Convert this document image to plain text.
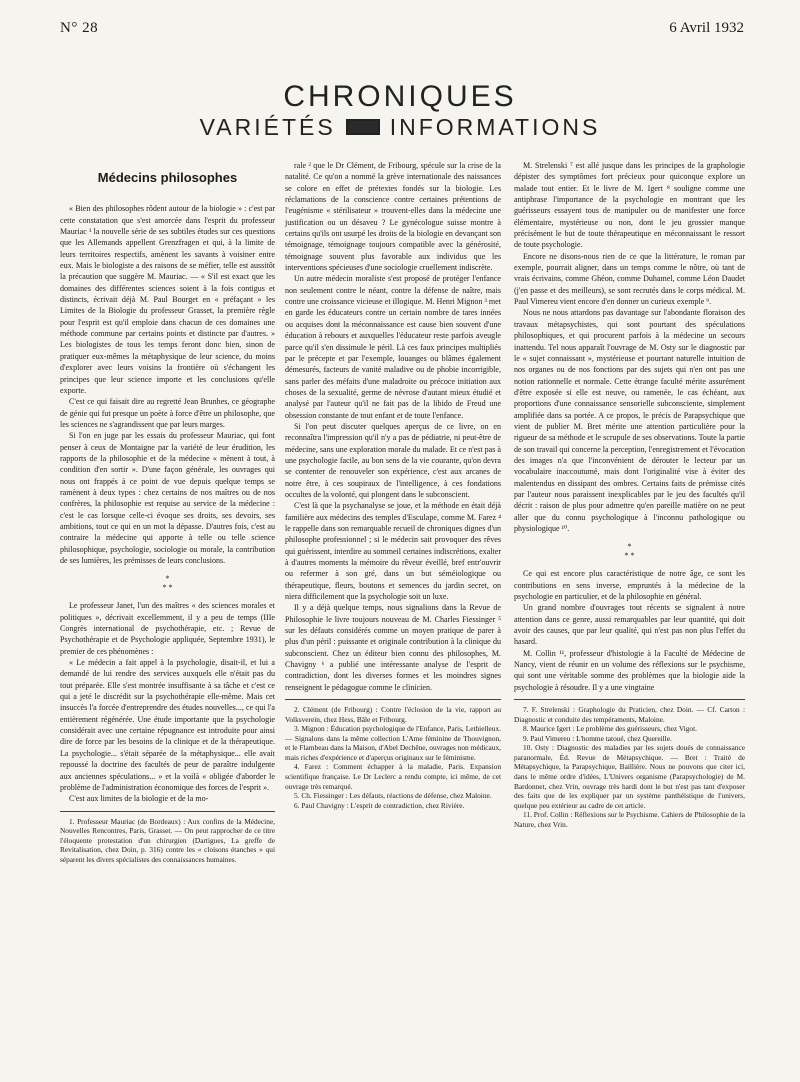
N° 28	6 Avril 1932
CHRONIQUES
VARIÉTÉS INFORMATIONS
Médecins philosophes

« Bien des philosophes rôdent autour de la biologie » : c'est par cette constatation que s'est amorcée dans l'esprit du professeur Mauriac ¹ la nouvelle série de ses subtiles études sur ces questions que les Allemands appellent Grenzfragen et qui, à la limite de leurs territoires respectifs, amènent les savants à voisiner entre eux. Mais le biologiste a des raisons de se méfier, telle est aussitôt la précaution que suggère M. Mauriac. — « S'il est exact que les domaines des différentes sciences soient à la fois contigus et distincts, écrivait déjà M. Paul Bourget en « préfaçant » les Limites de la Biologie du professeur Grasset, la première règle pour l'esprit est qu'il emploie dans chacun de ces domaines une méthode commune par certains points et distincte par d'autres. » Les biologistes de tous les temps feront donc bien, sinon de pratiquer eux-mêmes la métaphysique de leur science, du moins d'explorer avec leurs voisins la frontière où s'échangent les principes que leur science importe et les conclusions qu'elle exporte.

C'est ce qui faisait dire au regretté Jean Brunhes, ce géographe de génie qui fut presque un poète à force d'être un philosophe, que les sciences ne s'agrandissent que par leurs marges.

Si l'on en juge par les essais du professeur Mauriac, qui font penser à ceux de Montaigne par la variété de leur érudition, les rapports de la philosophie et de la médecine « mènent à tout, à condition d'en sortir ». D'une façon générale, les ouvrages qui nous ont frappés à ce point de vue depuis quelque temps se ramènent à deux types : chez certains de nos maîtres ou de nos confrères, la philosophie est requise au service de la médecine : c'est le cas lorsque celle-ci évoque ses droits, ses devoirs, ses ambitions, tout ce qui en un mot la dépasse. D'autres fois, c'est au contraire la médecine qui apporte à telle ou telle science philosophique, psychologie, sociologie ou morale, la contribution de ses lumières, les prémisses de leurs conclusions.

*
* *

Le professeur Janet, l'un des maîtres « des sciences morales et politiques », décrivait excellemment, il y a peu de temps (IIIe Congrès international de psychothérapie, etc. ; Revue de Psychothérapie et de Psychologie appliquée, Septembre 1931), le premier de ces phénomènes :

« Le médecin a fait appel à la psychologie, disait-il, et lui a demandé de lui rendre des services auxquels elle n'était pas du tout préparée. Elle s'est montrée insuffisante à sa tâche et c'est ce qui a jeté le discrédit sur la psychothérapie elle-même. Mais cet insuccès l'a forcée d'entreprendre des études nouvelles..., ce qui l'a entièrement régénérée. Une étude importante que la psychologie considérait avec une certaine répugnance est introduite pour ainsi dire de force par les besoins de la clinique et de la thérapeutique. La psychologie... s'était séparée de la métaphysique... elle avait repoussé la doctrine des facultés de peur de paraître indulgente aux anciennes spéculations... » et la voilà « obligée d'aborder le problème de l'administration économique des forces de l'esprit ».

C'est aux limites de la biologie et de la mo-

1. Professeur Mauriac (de Bordeaux) : Aux confins de la Médecine, Nouvelles Rencontres, Paris, Grasset. — On peut rapprocher de ce titre l'éloquente protestation d'un chirurgien (Dartigues, La greffe de Revitalisation, chez Doin, p. 316) contre les « cloisons étanches » qui séparent les divers spécialistes des connaissances humaines.

rale ² que le Dr Clément, de Fribourg, spécule sur la crise de la natalité. Ce qu'on a nommé la grève internationale des naissances se colore en effet de prétextes fondés sur la biologie. Les réclamations de la conscience contre certaines prétentions de l'eugénisme « stérilisateur » trouvent-elles dans la médecine une justification ou un désaveu ? Le gynécologue suisse montre à certains qu'ils ont usurpé les droits de la biologie en devançant son témoignage, témoignage toujours compatible avec la générosité, témoignage souvent plus favorable aux individus que les interventions spécieuses d'une sociologie cruellement indiscrète.

Un autre médecin moraliste s'est proposé de protéger l'enfance non seulement contre le néant, contre la défense de naître, mais contre une croissance vicieuse et illogique. M. Henri Mignon ³ met en garde les éducateurs contre un certain nombre de tares innées ou acquises dont la méconnaissance est cause bien souvent d'une éducation à rebours et auxquelles l'éducateur reste parfois aveugle parce qu'il s'en dissimule le péril. Là ces faux principes multipliés par le précepte et par l'exemple, louanges ou blâmes également démesurés, facteurs de vanité maladive ou de phobie incorrigible, sans parler des méfaits d'une maladroite ou précoce initiation aux choses de la sexualité, germe de névrose d'autant mieux étudié et analysé par l'auteur qu'il ne fait pas de la libido de Freud une obsession constante de tout enfant et de toute l'enfance.

Si l'on peut discuter quelques aperçus de ce livre, on en reconnaîtra l'impression qu'il n'y a pas de pédiatrie, ni peut-être de médecine, sans une exploration morale du malade. Et ce n'est pas à une psychologie facile, au bon sens de la vie courante, qu'on devra se contenter de renouveler son expérience, c'est aux arcanes de notre être, à ces soupiraux de l'intelligence, à ces fondations occultes de la volonté, qui plongent dans le subconscient.

C'est là que la psychanalyse se joue, et la méthode en était déjà familière aux médecins des temples d'Esculape, comme M. Farez ⁴ le rappelle dans son remarquable recueil de chroniques dignes d'un philosophe professionnel ; si le médecin sait provoquer des rêves qui guérissent, interdire au sommeil certaines indiscrétions, exalter à d'autres moments la mémoire du rêveur éveillé, bref entr'ouvrir ou refermer à son gré, dans un but séméiologique ou thérapeutique, fleurs, boutons et semences du jardin secret, on niera difficilement que la psychologie soit un luxe.

Il y a déjà quelque temps, nous signalions dans la Revue de Philosophie le livre toujours nouveau de M. Charles Fiessinger ⁵ sur les défauts considérés comme un moyen pratique de parer à plus d'un péril : puissante et originale contribution à la clinique du subconscient. Chez un éditeur bien connu des philosophes, M. Chavigny ⁶ a publié une intéressante analyse de l'esprit de contradiction, dont les diverses formes et les moindres signes renseignent le pédagogue comme le clinicien.

2. Clément (de Fribourg) : Contre l'éclosion de la vie, rapport au Volksverein, chez Hess, Bâle et Fribourg.

3. Mignon : Éducation psychologique de l'Enfance, Paris, Lethielleux. — Signalons dans la même collection L'Ame féminine de Thouvignon, et le Flambeau dans la Maison, d'Abel Dechêne, ouvrages non médicaux, mais riches d'expérience et d'aperçus originaux sur le féminisme.

4. Farez : Comment échapper à la maladie, Paris. Expansion scientifique française. Le Dr Leclerc a rendu compte, ici même, de cet ouvrage très remarqué.

5. Ch. Fiessinger : Les défauts, réactions de défense, chez Maloine.

6. Paul Chavigny : L'esprit de contradiction, chez Rivière.

M. Strelenski ⁷ est allé jusque dans les principes de la graphologie dépister des symptômes fort précieux pour quiconque explore un malade tout entier. Et le livre de M. Igert ⁸ souligne comme une antiphrase l'importance de la psychologie en montrant que les guérisseurs essayent tous de manipuler ou de manifester une force élémentaire, mystérieuse ou non, dont le jeu grossier manque précisément le but de toute thérapeutique en méconnaissant le ressort de toute psychologie.

Encore ne disons-nous rien de ce que la littérature, le roman par exemple, pourrait aligner, dans un temps comme le nôtre, où tant de vrais écrivains, comme Ghéon, comme Duhamel, comme Léon Daudet (j'en passe et des meilleurs), se sont recrutés dans le corps médical. M. Paul Vimereu vient encore d'en donner un curieux exemple ⁹.

Nous ne nous attardons pas davantage sur l'abondante floraison des travaux métapsychistes, qui sont pourtant des spéculations philosophiques, et qui procurent parfois à la médecine un secours inattendu. Tel nous apparaît l'ouvrage de M. Osty sur le diagnostic par le « sujet connaissant », mystérieuse et pourtant naturelle intuition de nos organes ou de nos fonctions par des sujets qui n'en ont pas une notion rationnelle et normale. Cette étrange faculté mérite assurément d'être exposée si elle est neuve, ou ramenée, le cas échéant, aux proportions d'une connaissance sensorielle subconsciente, simplement amplifiée dans sa portée. A ce propos, le précis de Parapsychique que vient de publier M. Bret mérite une attention particulière pour la rigueur de sa méthode et le scrupule de ses observations. Toute la partie de son travail qui concerne la perception, l'enregistrement et l'évocation des images n'a que l'inconvénient de dérouter le lecteur par un vocabulaire inaccoutumé, mais dont l'originalité vise à éviter des malentendus en dissipant des ombres. Certains faits de prémisse cités par l'auteur nous paraissent inexplicables par le jeu des facultés qu'il décrit : raison de plus pour admettre qu'en pareille matière on ne peut aller que du connu psychologique à l'inconnu pathologique ou physiologique ¹⁰.

*
* *

Ce qui est encore plus caractéristique de notre âge, ce sont les contributions en sens inverse, empruntés à la médecine de la psychologie en particulier, et de la philosophie en général.

Un grand nombre d'ouvrages tout récents se signalent à notre attention dans ce genre, aussi remarquables par leur quantité, qui doit avoir des causes, que par leur qualité, qui n'est pas non plus l'effet du hasard.

M. Collin ¹¹, professeur d'histologie à la Faculté de Médecine de Nancy, vient de réunir en un volume des réflexions sur le psychisme, qui sont une véritable somme des problèmes que la biologie aide la psychologie à résoudre. Il y a une vingtaine

7. F. Strelenski : Graphologie du Praticien, chez Doin. — Cf. Carton : Diagnostic et conduite des tempéraments, Maloine.

8. Maurice Igert : Le problème des guérisseurs, chez Vigot.

9. Paul Vimereu : L'homme tatoué, chez Quereille.

10. Osty : Diagnostic des maladies par les sujets doués de connaissance paranormale, Éd. Revue de Métapsychique. — Bret : Traité de Métapsychique, la Parapsychique, Baillière. Nous ne pouvons que citer ici, dans le même ordre d'idées, L'Univers organisme (Parapsychologie) de M. Bardonnet, chez Vrin, ouvrage très hardi dont le but n'est pas tant d'exposer des faits que de les expliquer par un système panthéistique de l'univers, quelque peu extérieur au cadre de cet article.

11. Prof. Collin : Réflexions sur le Psychisme. Cahiers de Philosophie de la Nature, chez Vrin.
